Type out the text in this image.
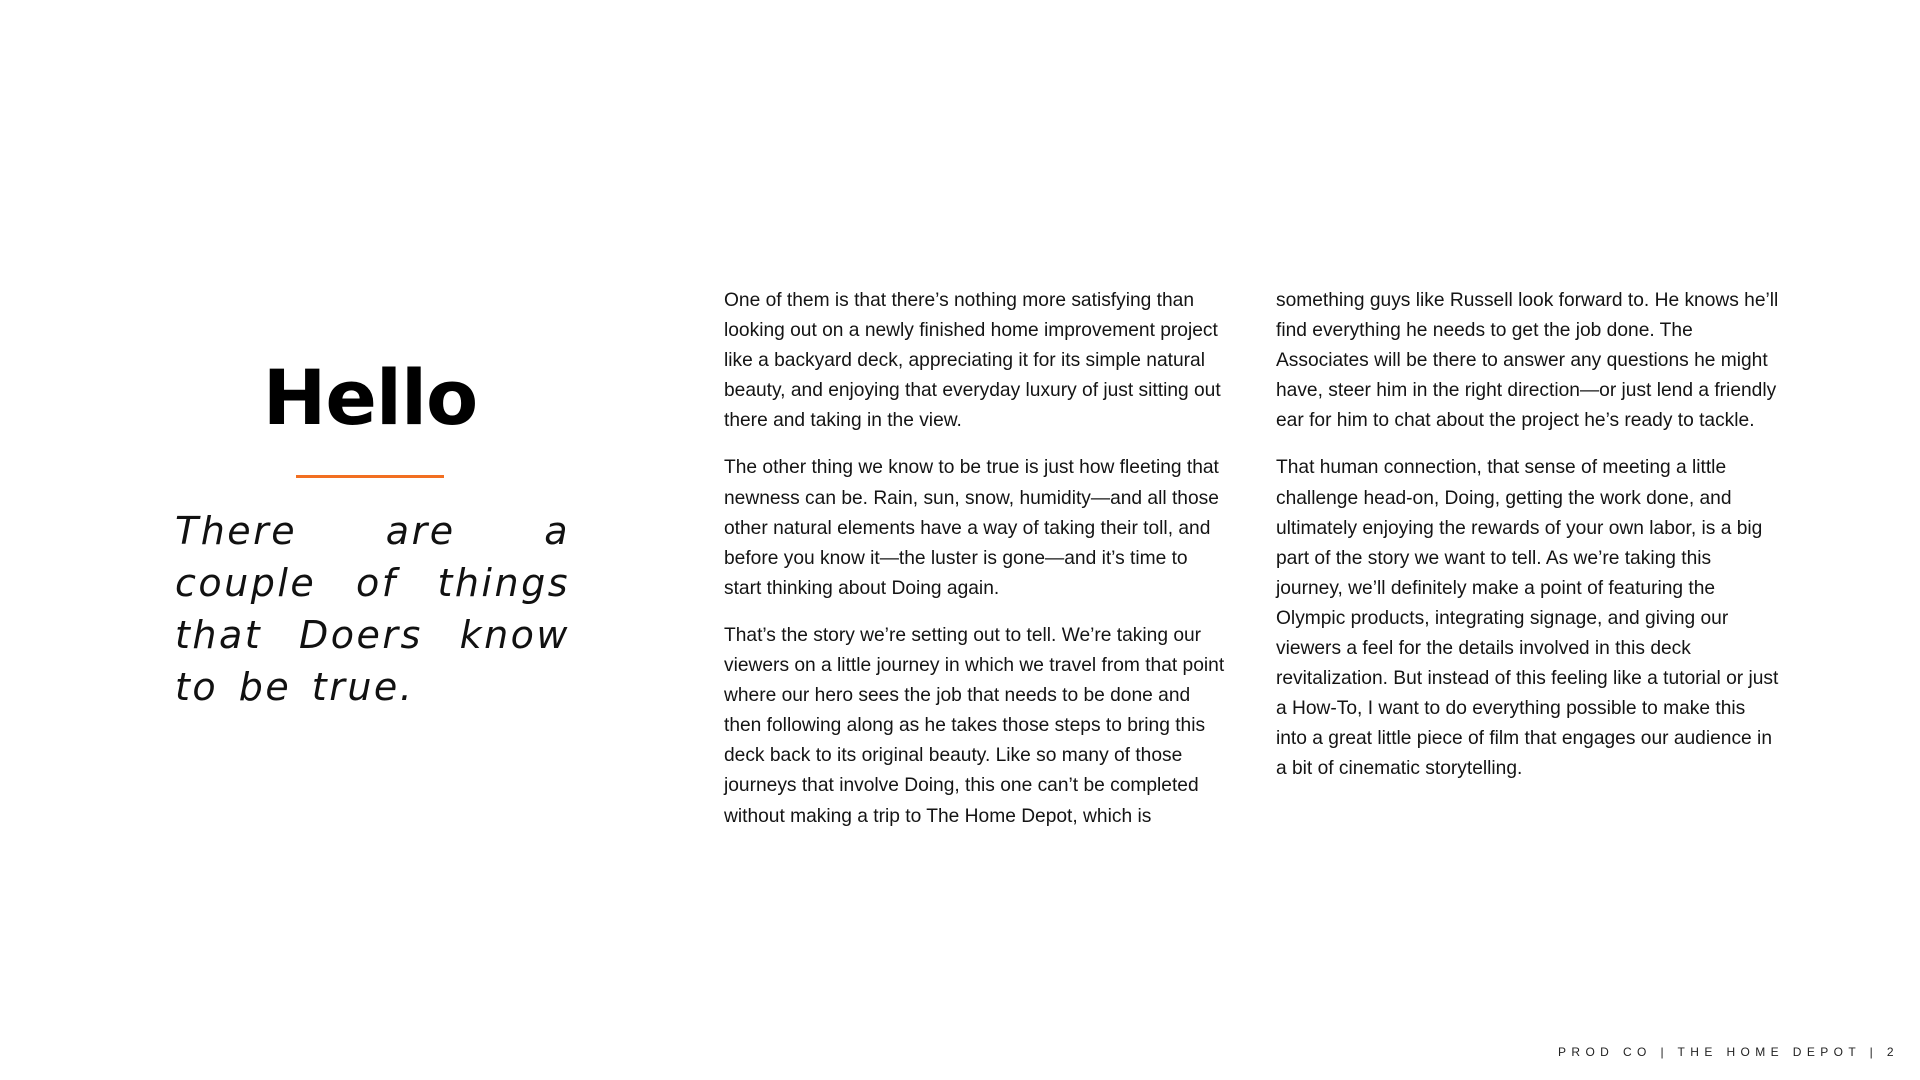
Hello

There are a couple of things that Doers know to be true.

One of them is that there’s nothing more satisfying than looking out on a newly finished home improvement project like a backyard deck, appreciating it for its simple natural beauty, and enjoying that everyday luxury of just sitting out there and taking in the view.

The other thing we know to be true is just how fleeting that newness can be. Rain, sun, snow, humidity—and all those other natural elements have a way of taking their toll, and before you know it—the luster is gone—and it’s time to start thinking about Doing again.

That’s the story we’re setting out to tell. We’re taking our viewers on a little journey in which we travel from that point where our hero sees the job that needs to be done and then following along as he takes those steps to bring this deck back to its original beauty. Like so many of those journeys that involve Doing, this one can’t be completed without making a trip to The Home Depot, which is

something guys like Russell look forward to. He knows he’ll find everything he needs to get the job done. The Associates will be there to answer any questions he might have, steer him in the right direction—or just lend a friendly ear for him to chat about the project he’s ready to tackle.

That human connection, that sense of meeting a little challenge head-on, Doing, getting the work done, and ultimately enjoying the rewards of your own labor, is a big part of the story we want to tell. As we’re taking this journey, we’ll definitely make a point of featuring the Olympic products, integrating signage, and giving our viewers a feel for the details involved in this deck revitalization. But instead of this feeling like a tutorial or just a How-To, I want to do everything possible to make this into a great little piece of film that engages our audience in a bit of cinematic storytelling.

PROD CO | THE HOME DEPOT | 2
